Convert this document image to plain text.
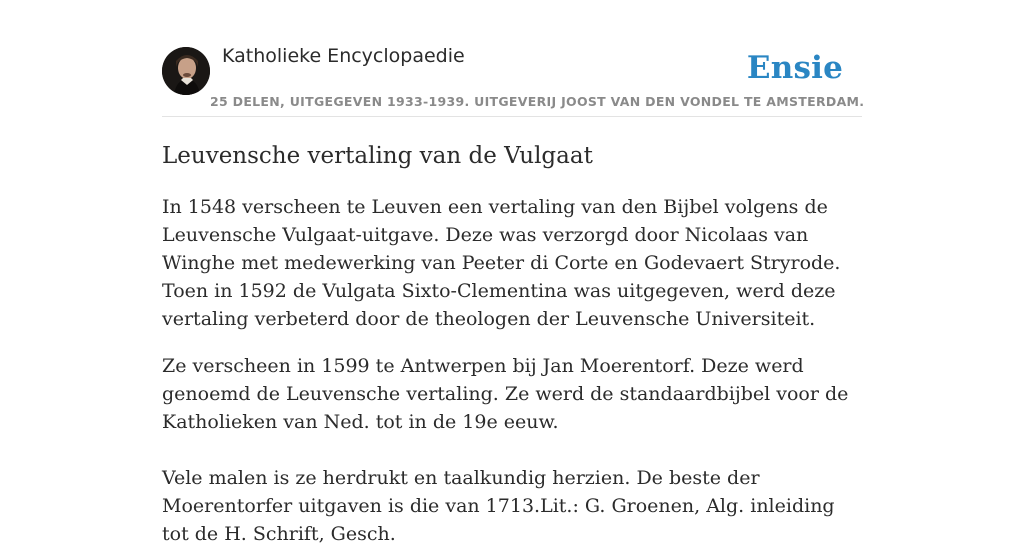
Katholieke Encyclopaedie	Ensie
25 DELEN, UITGEGEVEN 1933-1939. UITGEVERIJ JOOST VAN DEN VONDEL TE AMSTERDAM.
Leuvensche vertaling van de Vulgaat

In 1548 verscheen te Leuven een vertaling van den Bijbel volgens de Leuvensche Vulgaat-uitgave. Deze was verzorgd door Nicolaas van Winghe met medewerking van Peeter di Corte en Godevaert Stryrode. Toen in 1592 de Vulgata Sixto-Clementina was uitgegeven, werd deze vertaling verbeterd door de theologen der Leuvensche Universiteit.

Ze verscheen in 1599 te Antwerpen bij Jan Moerentorf. Deze werd genoemd de Leuvensche vertaling. Ze werd de standaardbijbel voor de Katholieken van Ned. tot in de 19e eeuw.

Vele malen is ze herdrukt en taalkundig herzien. De beste der Moerentorfer uitgaven is die van 1713.Lit.: G. Groenen, Alg. inleiding tot de H. Schrift, Gesch.
